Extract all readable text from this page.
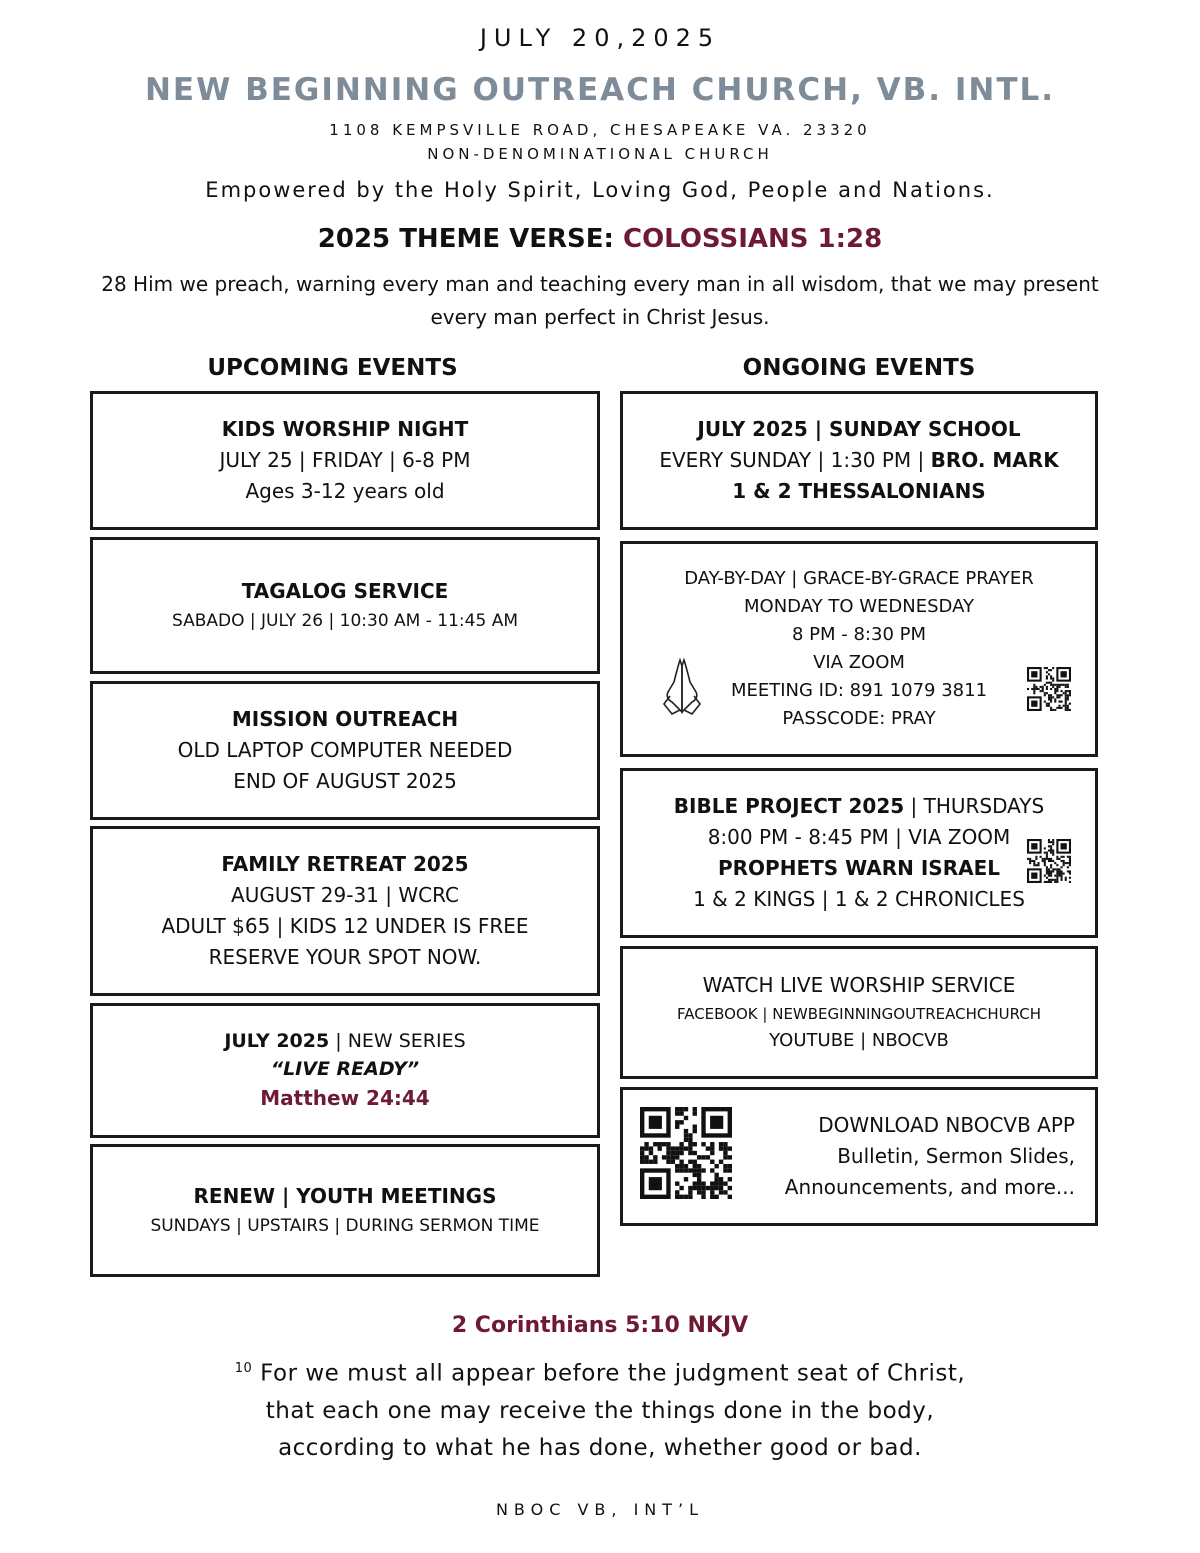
JULY 20,2025
NEW BEGINNING OUTREACH CHURCH, VB. INTL.
1108 KEMPSVILLE ROAD, CHESAPEAKE VA. 23320
NON-DENOMINATIONAL CHURCH
Empowered by the Holy Spirit, Loving God, People and Nations.
2025 THEME VERSE: COLOSSIANS 1:28
28 Him we preach, warning every man and teaching every man in all wisdom, that we may present every man perfect in Christ Jesus.
UPCOMING EVENTS	ONGOING EVENTS
KIDS WORSHIP NIGHT
JULY 25 | FRIDAY | 6-8 PM
Ages 3-12 years old
TAGALOG SERVICE
SABADO | JULY 26 | 10:30 AM - 11:45 AM
MISSION OUTREACH
OLD LAPTOP COMPUTER NEEDED
END OF AUGUST 2025
FAMILY RETREAT 2025
AUGUST 29-31 | WCRC
ADULT $65 | KIDS 12 UNDER IS FREE
RESERVE YOUR SPOT NOW.
JULY 2025 | NEW SERIES
“LIVE READY”
Matthew 24:44
RENEW | YOUTH MEETINGS
SUNDAYS | UPSTAIRS | DURING SERMON TIME
JULY 2025 | SUNDAY SCHOOL
EVERY SUNDAY | 1:30 PM | BRO. MARK
1 & 2 THESSALONIANS
DAY-BY-DAY | GRACE-BY-GRACE PRAYER
MONDAY TO WEDNESDAY
8 PM - 8:30 PM
VIA ZOOM
MEETING ID: 891 1079 3811
PASSCODE: PRAY
BIBLE PROJECT 2025 | THURSDAYS
8:00 PM - 8:45 PM | VIA ZOOM
PROPHETS WARN ISRAEL
1 & 2 KINGS | 1 & 2 CHRONICLES
WATCH LIVE WORSHIP SERVICE
FACEBOOK | NEWBEGINNINGOUTREACHCHURCH
YOUTUBE | NBOCVB
DOWNLOAD NBOCVB APP
Bulletin, Sermon Slides,
Announcements, and more...
2 Corinthians 5:10 NKJV
$^{10}$ For we must all appear before the judgment seat of Christ,
that each one may receive the things done in the body,
according to what he has done, whether good or bad.
NBOC VB, INT’L
